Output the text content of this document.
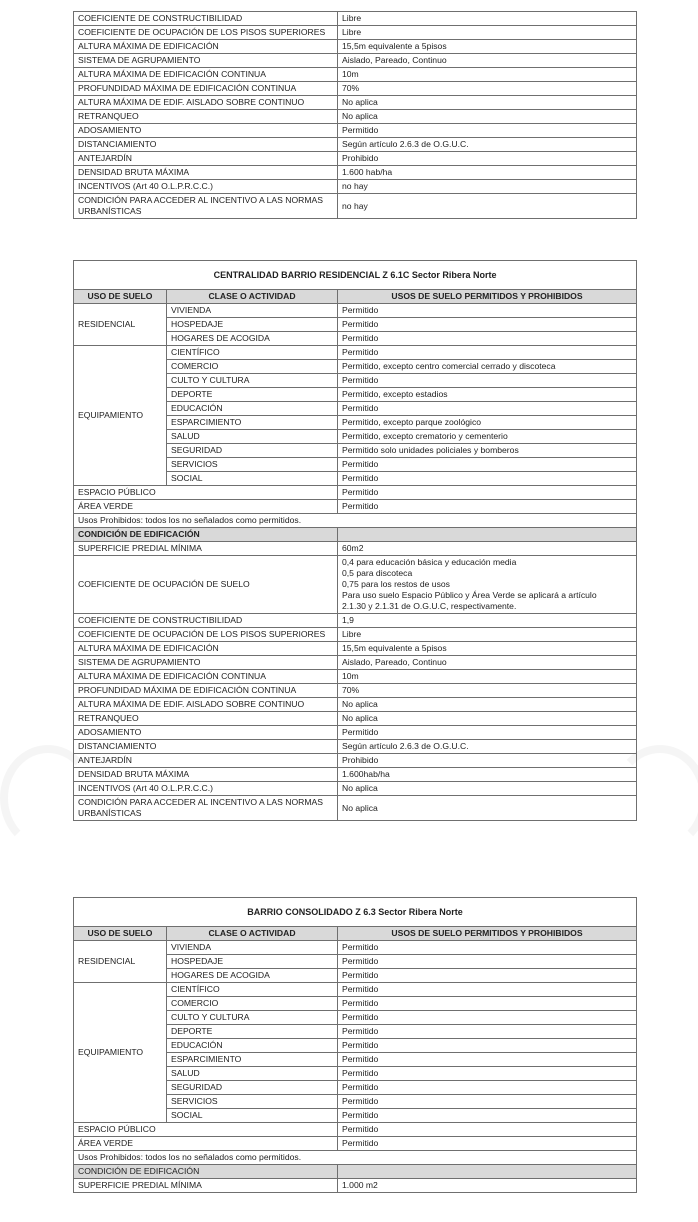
COEFICIENTE DE CONSTRUCTIBILIDAD	Libre
COEFICIENTE DE OCUPACIÓN DE LOS PISOS SUPERIORES	Libre
ALTURA MÁXIMA DE EDIFICACIÓN	15,5m equivalente a 5pisos
SISTEMA DE AGRUPAMIENTO	Aislado, Pareado, Continuo
ALTURA MÁXIMA DE EDIFICACIÓN CONTINUA	10m
PROFUNDIDAD MÁXIMA DE EDIFICACIÓN CONTINUA	70%
ALTURA MÁXIMA DE EDIF. AISLADO SOBRE CONTINUO	No aplica
RETRANQUEO	No aplica
ADOSAMIENTO	Permitido
DISTANCIAMIENTO	Según artículo 2.6.3 de O.G.U.C.
ANTEJARDÍN	Prohibido
DENSIDAD BRUTA MÁXIMA	1.600 hab/ha
INCENTIVOS (Art 40 O.L.P.R.C.C.)	no hay

CONDICIÓN PARA ACCEDER AL INCENTIVO A LAS NORMAS
URBANÍSTICAS	no hay
CENTRALIDAD BARRIO RESIDENCIAL Z 6.1C Sector Ribera Norte		
USO DE SUELO	CLASE O ACTIVIDAD	USOS DE SUELO PERMITIDOS Y PROHIBIDOS
RESIDENCIAL	VIVIENDA	Permitido
	HOSPEDAJE	Permitido
	HOGARES DE ACOGIDA	Permitido
EQUIPAMIENTO	CIENTÍFICO	Permitido
	COMERCIO	Permitido, excepto centro comercial cerrado y discoteca
	CULTO Y CULTURA	Permitido
	DEPORTE	Permitido, excepto estadios
	EDUCACIÓN	Permitido
	ESPARCIMIENTO	Permitido, excepto parque zoológico
	SALUD	Permitido, excepto crematorio y cementerio
	SEGURIDAD	Permitido solo unidades policiales y bomberos
	SERVICIOS	Permitido
	SOCIAL	Permitido
ESPACIO PÚBLICO		Permitido
ÁREA VERDE		Permitido
Usos Prohibidos: todos los no señalados como permitidos.		
CONDICIÓN DE EDIFICACIÓN		
SUPERFICIE PREDIAL MÍNIMA		60m2
COEFICIENTE DE OCUPACIÓN DE SUELO		0,4 para educación básica y educación media
0,5 para discoteca
0,75 para los restos de usos
Para uso suelo Espacio Público y Área Verde se aplicará a artículo
2.1.30 y 2.1.31 de O.G.U.C, respectivamente.

COEFICIENTE DE CONSTRUCTIBILIDAD		1,9
COEFICIENTE DE OCUPACIÓN DE LOS PISOS SUPERIORES		Libre
ALTURA MÁXIMA DE EDIFICACIÓN		15,5m equivalente a 5pisos
SISTEMA DE AGRUPAMIENTO		Aislado, Pareado, Continuo
ALTURA MÁXIMA DE EDIFICACIÓN CONTINUA		10m
PROFUNDIDAD MÁXIMA DE EDIFICACIÓN CONTINUA		70%
ALTURA MÁXIMA DE EDIF. AISLADO SOBRE CONTINUO		No aplica
RETRANQUEO		No aplica
ADOSAMIENTO		Permitido
DISTANCIAMIENTO		Según artículo 2.6.3 de O.G.U.C.
ANTEJARDÍN		Prohibido
DENSIDAD BRUTA MÁXIMA		1.600hab/ha
INCENTIVOS (Art 40 O.L.P.R.C.C.)		No aplica

CONDICIÓN PARA ACCEDER AL INCENTIVO A LAS NORMAS
URBANÍSTICAS		No aplica
BARRIO CONSOLIDADO Z 6.3 Sector Ribera Norte		
USO DE SUELO	CLASE O ACTIVIDAD	USOS DE SUELO PERMITIDOS Y PROHIBIDOS
RESIDENCIAL	VIVIENDA	Permitido
	HOSPEDAJE	Permitido
	HOGARES DE ACOGIDA	Permitido
EQUIPAMIENTO	CIENTÍFICO	Permitido
	COMERCIO	Permitido
	CULTO Y CULTURA	Permitido
	DEPORTE	Permitido
	EDUCACIÓN	Permitido
	ESPARCIMIENTO	Permitido
	SALUD	Permitido
	SEGURIDAD	Permitido
	SERVICIOS	Permitido
	SOCIAL	Permitido
ESPACIO PÚBLICO		Permitido
ÁREA VERDE		Permitido
Usos Prohibidos: todos los no señalados como permitidos.		
CONDICIÓN DE EDIFICACIÓN		
SUPERFICIE PREDIAL MÍNIMA		1.000 m2
